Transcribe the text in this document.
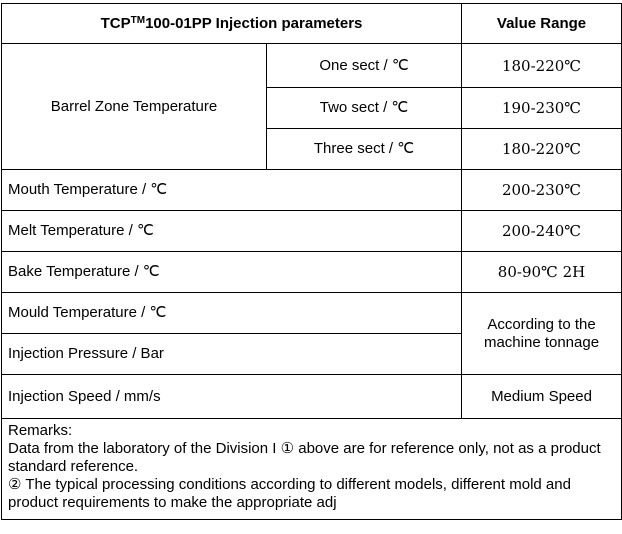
TCP™100-01PP Injection parameters		Value Range
Barrel Zone Temperature	One sect / ℃	180-220℃
	Two sect / ℃	190-230℃
	Three sect / ℃	180-220℃
Mouth Temperature / ℃		200-230℃
Melt Temperature / ℃		200-240℃
Bake Temperature / ℃		80-90℃ 2H
Mould Temperature / ℃		According to the machine tonnage
Injection Pressure / Bar		
Injection Speed / mm/s		Medium Speed

Remarks:
Data from the laboratory of the Division I ① above are for reference only, not as a product standard reference.
② The typical processing conditions according to different models, different mold and product requirements to make the appropriate adj		
